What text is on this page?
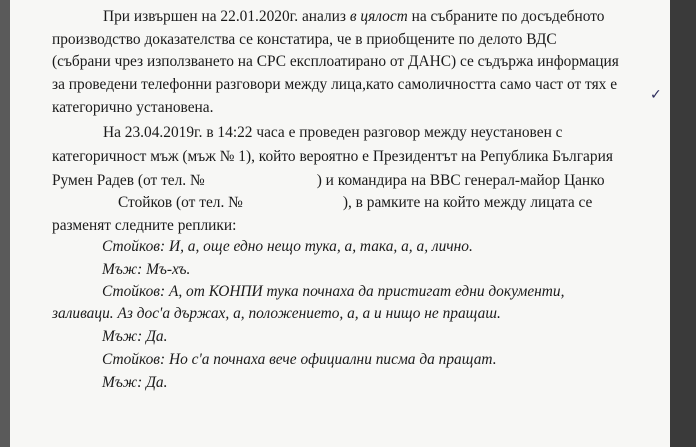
При извършен на 22.01.2020г. анализ в цялост на събраните по досъдебното
производство доказателства се констатира, че в приобщените по делото ВДС
(събрани чрез използването на СРС експлоатирано от ДАНС) се съдържа информация
за проведени телефонни разговори между лица,като самоличността само част от тях е
категорично установена.
✓
На 23.04.2019г. в 14:22 часа е проведен разговор между неустановен с
категоричност мъж (мъж № 1), който вероятно е Президентът на Република България
Румен Радев (от тел. №	) и командира на ВВС генерал-майор Цанко
Стойков (от тел. №	), в рамките на който между лицата се
разменят следните реплики:
Стойков: И, а, още едно нещо тука, а, така, а, а, лично.
Мъж: Мъ-хъ.
Стойков: А, от КОНПИ тука почнаха да пристигат едни документи,
заливаци. Аз дос'а държах, а, положението, а, а и нищо не пращаш.
Мъж: Да.
Стойков: Но с'а почнаха вече официални писма да пращат.
Мъж: Да.
